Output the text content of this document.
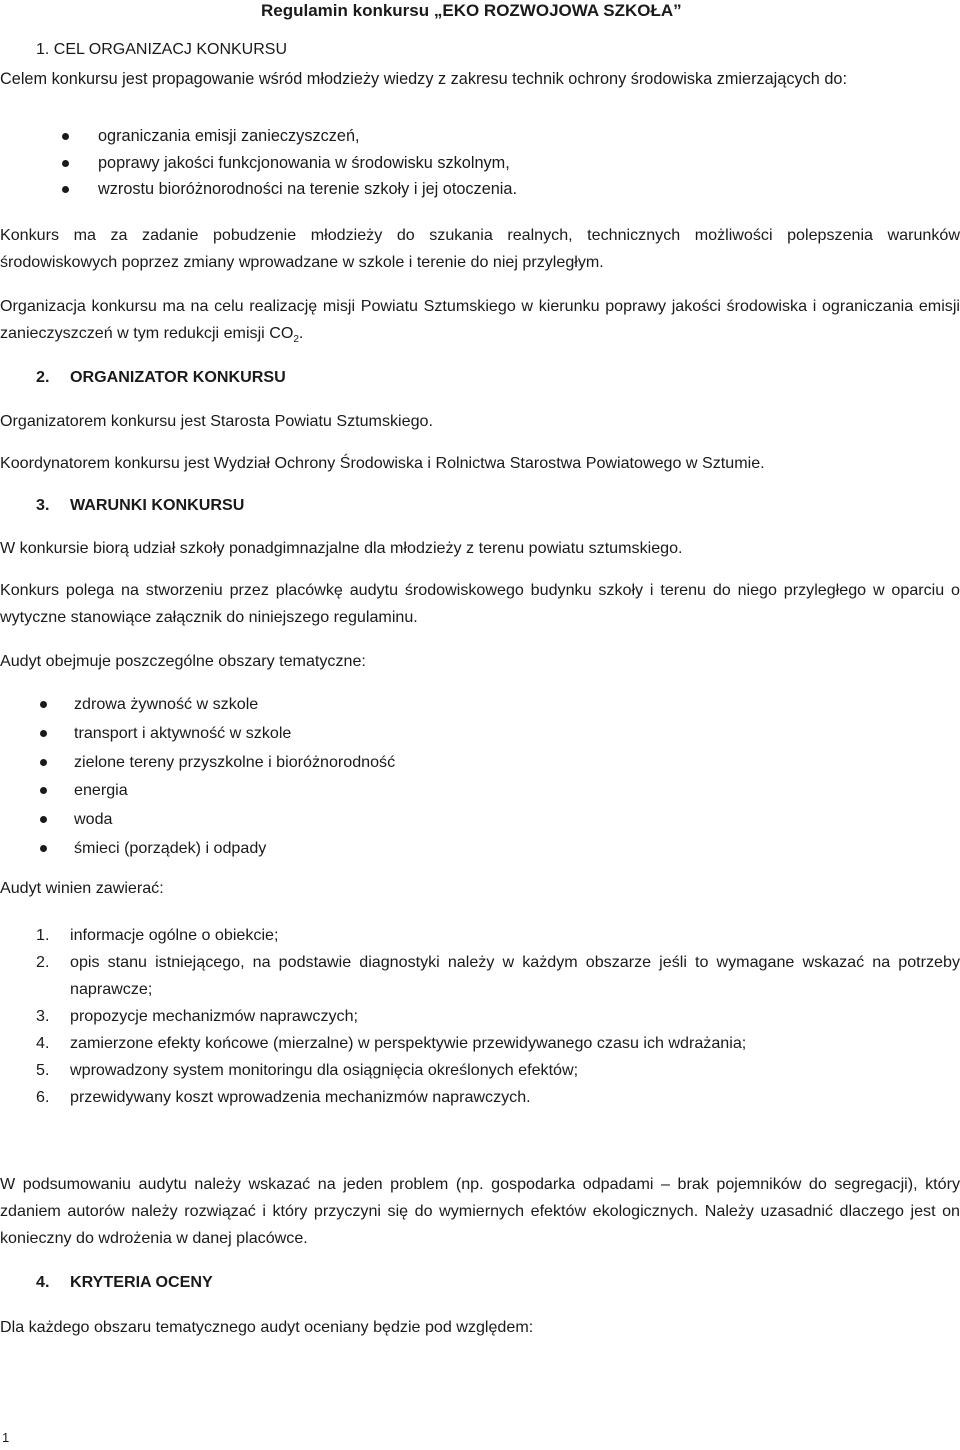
Regulamin konkursu „EKO ROZWOJOWA SZKOŁA”
1. CEL ORGANIZACJ KONKURSU
Celem konkursu jest propagowanie wśród młodzieży wiedzy z zakresu technik ochrony środowiska zmierzających do:
ograniczania emisji zanieczyszczeń,
poprawy jakości funkcjonowania w środowisku szkolnym,
wzrostu bioróżnorodności na terenie szkoły i jej otoczenia.
Konkurs ma za zadanie pobudzenie młodzieży do szukania realnych, technicznych możliwości polepszenia warunków środowiskowych poprzez zmiany wprowadzane w szkole i terenie do niej przyległym.
Organizacja konkursu ma na celu realizację misji Powiatu Sztumskiego w kierunku poprawy jakości środowiska i ograniczania emisji zanieczyszczeń w tym redukcji emisji $CO_2$.
2. ORGANIZATOR KONKURSU
Organizatorem konkursu jest Starosta Powiatu Sztumskiego.
Koordynatorem konkursu jest Wydział Ochrony Środowiska i Rolnictwa Starostwa Powiatowego w Sztumie.
3. WARUNKI KONKURSU
W konkursie biorą udział szkoły ponadgimnazjalne dla młodzieży z terenu powiatu sztumskiego.
Konkurs polega na stworzeniu przez placówkę audytu środowiskowego budynku szkoły i terenu do niego przyległego w oparciu o wytyczne stanowiące załącznik do niniejszego regulaminu.
Audyt obejmuje poszczególne obszary tematyczne:
zdrowa żywność w szkole
transport i aktywność w szkole
zielone tereny przyszkolne i bioróżnorodność
energia
woda
śmieci (porządek) i odpady
Audyt winien zawierać:
1. informacje ogólne o obiekcie;
2. opis stanu istniejącego, na podstawie diagnostyki należy w każdym obszarze jeśli to wymagane wskazać na potrzeby naprawcze;
3. propozycje mechanizmów naprawczych;
4. zamierzone efekty końcowe (mierzalne) w perspektywie przewidywanego czasu ich wdrażania;
5. wprowadzony system monitoringu dla osiągnięcia określonych efektów;
6. przewidywany koszt wprowadzenia mechanizmów naprawczych.
W podsumowaniu audytu należy wskazać na jeden problem (np. gospodarka odpadami – brak pojemników do segregacji), który zdaniem autorów należy rozwiązać i który przyczyni się do wymiernych efektów ekologicznych. Należy uzasadnić dlaczego jest on konieczny do wdrożenia w danej placówce.
4. KRYTERIA OCENY
Dla każdego obszaru tematycznego audyt oceniany będzie pod względem:
1
